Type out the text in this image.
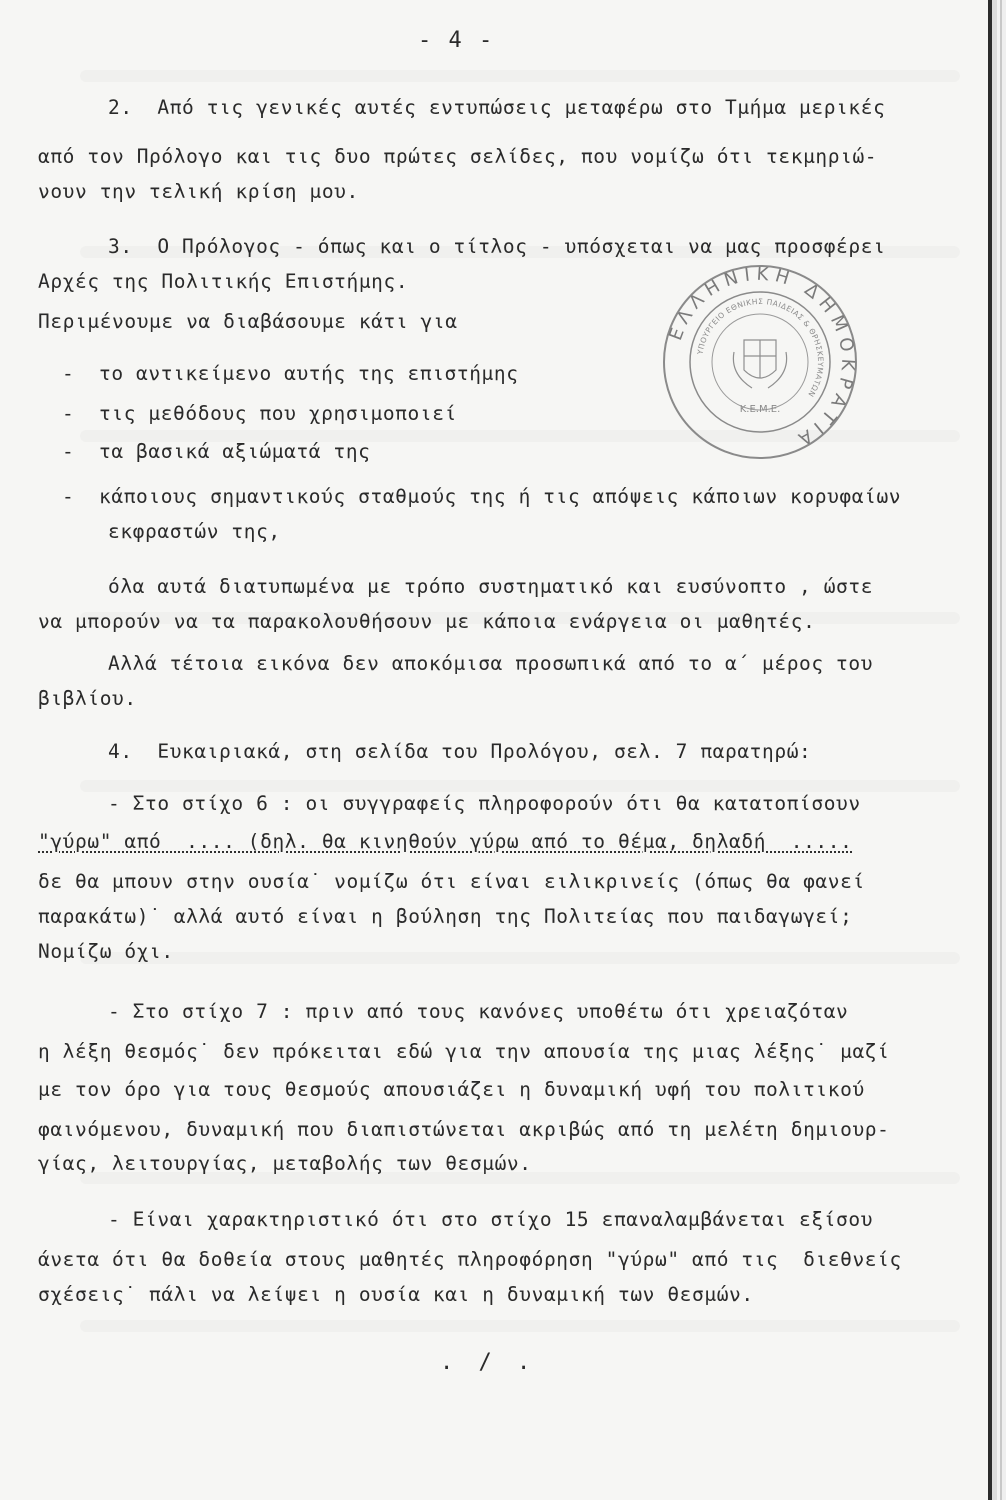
- 4 -
2.  Από τις γενικές αυτές εντυπώσεις μεταφέρω στο Τμήμα μερικές
από τον Πρόλογο και τις δυο πρώτες σελίδες, που νομίζω ότι τεκμηριώ-
νουν την τελική κρίση μου.
3.  Ο Πρόλογος - όπως και ο τίτλος - υπόσχεται να μας προσφέρει
Αρχές της Πολιτικής Επιστήμης.
Περιμένουμε να διαβάσουμε κάτι για
-  το αντικείμενο αυτής της επιστήμης
-  τις μεθόδους που χρησιμοποιεί
-  τα βασικά αξιώματά της
-  κάποιους σημαντικούς σταθμούς της ή τις απόψεις κάποιων κορυφαίων
εκφραστών της,
όλα αυτά διατυπωμένα με τρόπο συστηματικό και ευσύνοπτο , ώστε
να μπορούν να τα παρακολουθήσουν με κάποια ενάργεια οι μαθητές.
Αλλά τέτοια εικόνα δεν αποκόμισα προσωπικά από το α΄ μέρος του
βιβλίου.
4.  Ευκαιριακά, στη σελίδα του Προλόγου, σελ. 7 παρατηρώ:
- Στο στίχο 6 : οι συγγραφείς πληροφορούν ότι θα κατατοπίσουν
"γύρω" από  .... (δηλ. θα κινηθούν γύρω από το θέμα, δηλαδή  .....
δε θα μπουν στην ουσία˙ νομίζω ότι είναι ειλικρινείς (όπως θα φανεί
παρακάτω)˙ αλλά αυτό είναι η βούληση της Πολιτείας που παιδαγωγεί;
Νομίζω όχι.
- Στο στίχο 7 : πριν από τους κανόνες υποθέτω ότι χρειαζόταν
η λέξη θεσμός˙ δεν πρόκειται εδώ για την απουσία της μιας λέξης˙ μαζί
με τον όρο για τους θεσμούς απουσιάζει η δυναμική υφή του πολιτικού
φαινόμενου, δυναμική που διαπιστώνεται ακριβώς από τη μελέτη δημιουρ-
γίας, λειτουργίας, μεταβολής των θεσμών.
- Είναι χαρακτηριστικό ότι στο στίχο 15 επαναλαμβάνεται εξίσου
άνετα ότι θα δοθεία στους μαθητές πληροφόρηση "γύρω" από τις  διεθνείς
σχέσεις˙ πάλι να λείψει η ουσία και η δυναμική των θεσμών.
. / .
ΕΛΛΗΝΙΚΗ ΔΗΜΟΚΡΑΤΙΑ
ΥΠΟΥΡΓΕΙΟ ΕΘΝΙΚΗΣ ΠΑΙΔΕΙΑΣ & ΘΡΗΣΚΕΥΜΑΤΩΝ
Κ.Ε.Μ.Ε.
